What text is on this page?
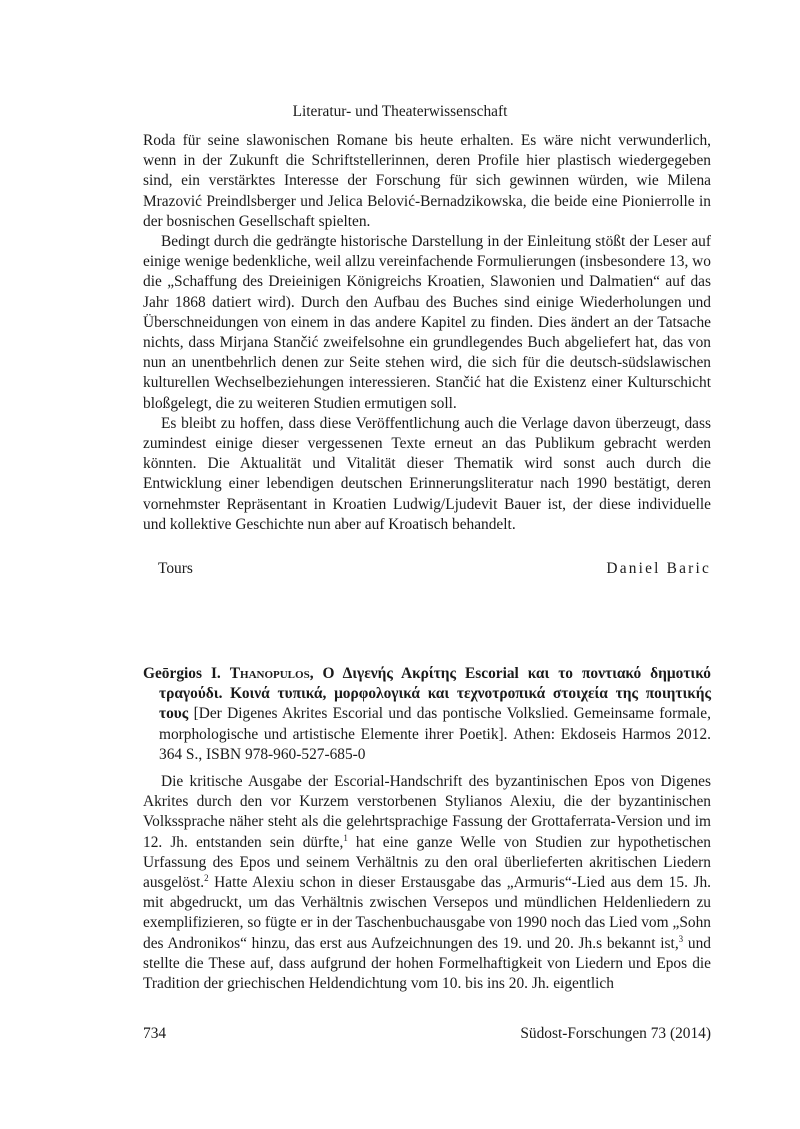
Literatur- und Theaterwissenschaft

Roda für seine slawonischen Romane bis heute erhalten. Es wäre nicht verwunderlich, wenn in der Zukunft die Schriftstellerinnen, deren Profile hier plastisch wiedergegeben sind, ein verstärktes Interesse der Forschung für sich gewinnen würden, wie Milena Mrazović Preindlsberger und Jelica Belović-Bernadzikowska, die beide eine Pionierrolle in der bosnischen Gesellschaft spielten.

Bedingt durch die gedrängte historische Darstellung in der Einleitung stößt der Leser auf einige wenige bedenkliche, weil allzu vereinfachende Formulierungen (insbesondere 13, wo die „Schaffung des Dreieinigen Königreichs Kroatien, Slawonien und Dalmatien“ auf das Jahr 1868 datiert wird). Durch den Aufbau des Buches sind einige Wiederholungen und Überschneidungen von einem in das andere Kapitel zu finden. Dies ändert an der Tatsache nichts, dass Mirjana Stančić zweifelsohne ein grundlegendes Buch abgeliefert hat, das von nun an unentbehrlich denen zur Seite stehen wird, die sich für die deutsch-südslawischen kulturellen Wechselbeziehungen interessieren. Stančić hat die Existenz einer Kulturschicht bloßgelegt, die zu weiteren Studien ermutigen soll.

Es bleibt zu hoffen, dass diese Veröffentlichung auch die Verlage davon überzeugt, dass zumindest einige dieser vergessenen Texte erneut an das Publikum gebracht werden könnten. Die Aktualität und Vitalität dieser Thematik wird sonst auch durch die Entwicklung einer lebendigen deutschen Erinnerungsliteratur nach 1990 bestätigt, deren vornehmster Repräsentant in Kroatien Ludwig/Ljudevit Bauer ist, der diese individuelle und kollektive Geschichte nun aber auf Kroatisch behandelt.

Tours	Daniel Baric

Geōrgios I. Thanopulos, Ο Διγενής Ακρίτης Escorial και το ποντιακό δημοτικό τραγούδι. Κοινά τυπικά, μορφολογικά και τεχνοτροπικά στοιχεία της ποιητικής τους [Der Digenes Akrites Escorial und das pontische Volkslied. Gemeinsame formale, morphologische und artistische Elemente ihrer Poetik]. Athen: Ekdoseis Harmos 2012. 364 S., ISBN 978-960-527-685-0

Die kritische Ausgabe der Escorial-Handschrift des byzantinischen Epos von Digenes Akrites durch den vor Kurzem verstorbenen Stylianos Alexiu, die der byzantinischen Volkssprache näher steht als die gelehrtsprachige Fassung der Grottaferrata-Version und im 12. Jh. entstanden sein dürfte,$^1$ hat eine ganze Welle von Studien zur hypothetischen Urfassung des Epos und seinem Verhältnis zu den oral überlieferten akritischen Liedern ausgelöst.$^2$ Hatte Alexiu schon in dieser Erstausgabe das „Armuris“-Lied aus dem 15. Jh. mit abgedruckt, um das Verhältnis zwischen Versepos und mündlichen Heldenliedern zu exemplifizieren, so fügte er in der Taschenbuchausgabe von 1990 noch das Lied vom „Sohn des Andronikos“ hinzu, das erst aus Aufzeichnungen des 19. und 20. Jh.s bekannt ist,$^3$ und stellte die These auf, dass aufgrund der hohen Formelhaftigkeit von Liedern und Epos die Tradition der griechischen Heldendichtung vom 10. bis ins 20. Jh. eigentlich

734	Südost-Forschungen 73 (2014)
